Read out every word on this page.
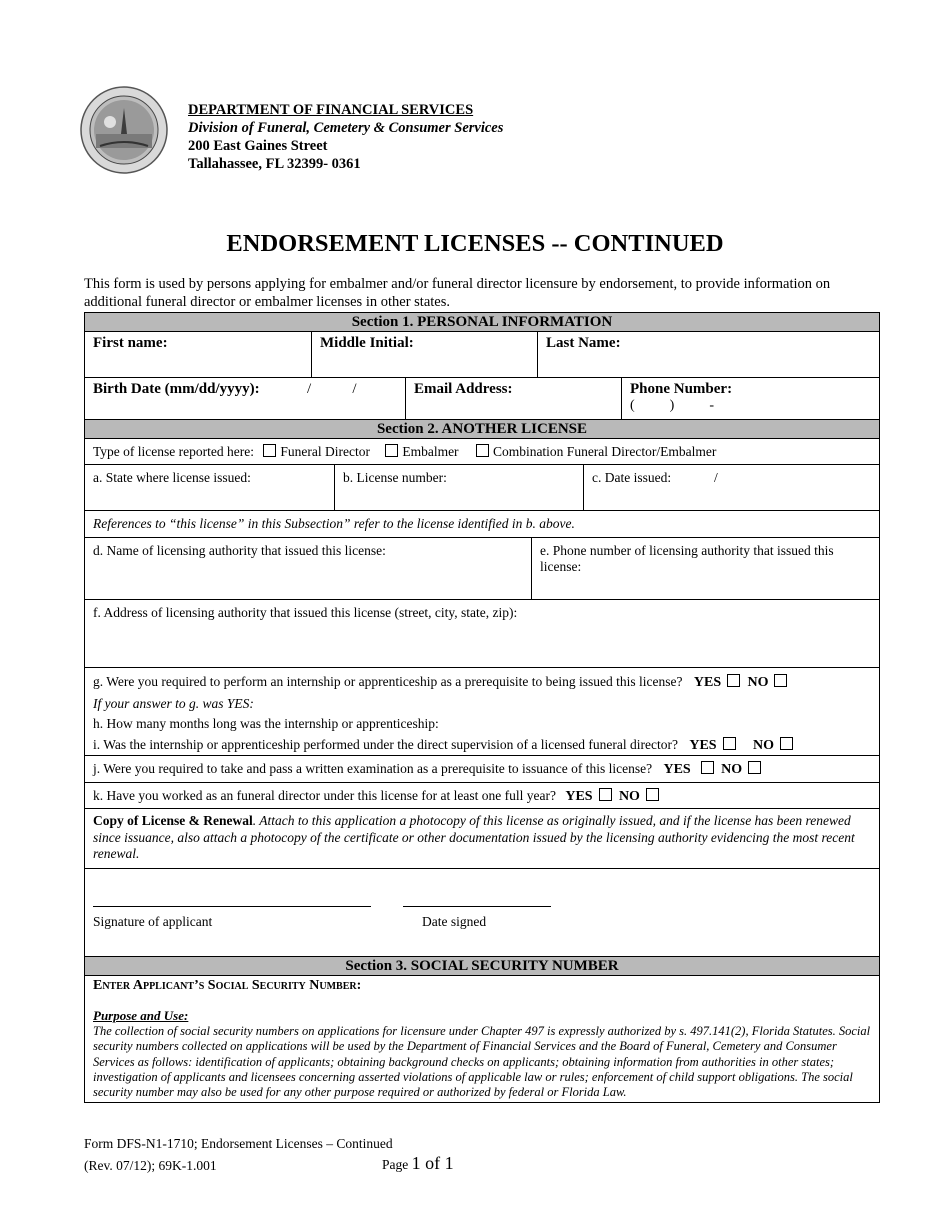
DEPARTMENT OF FINANCIAL SERVICES
Division of Funeral, Cemetery & Consumer Services
200 East Gaines Street
Tallahassee, FL 32399- 0361
ENDORSEMENT LICENSES -- CONTINUED
This form is used by persons applying for embalmer and/or funeral director licensure by endorsement, to provide information on additional funeral director or embalmer licenses in other states.
Section 1. PERSONAL INFORMATION
First name:	Middle Initial:	Last Name:
Birth Date (mm/dd/yyyy):	/           /	Email Address:	Phone Number:
(          )          -
Section 2. ANOTHER LICENSE
Type of license reported here: Funeral Director Embalmer	Combination Funeral Director/Embalmer
a. State where license issued:	b. License number:	c. Date issued:	/
References to “this license” in this Subsection” refer to the license identified in b. above.
d. Name of licensing authority that issued this license:	e. Phone number of licensing authority that issued this license:
f. Address of licensing authority that issued this license (street, city, state, zip):
g. Were you required to perform an internship or apprenticeship as a prerequisite to being issued this license? YES NO
If your answer to g. was YES:
h. How many months long was the internship or apprenticeship:
i. Was the internship or apprenticeship performed under the direct supervision of a licensed funeral director? YES	NO
j. Were you required to take and pass a written examination as a prerequisite to issuance of this license? YES NO
k. Have you worked as an funeral director under this license for at least one full year? YES NO
Copy of License & Renewal. Attach to this application a photocopy of this license as originally issued, and if the license has been renewed since issuance, also attach a photocopy of the certificate or other documentation issued by the licensing authority evidencing the most recent renewal.
Signature of applicant	Date signed
Section 3. SOCIAL SECURITY NUMBER
Enter Applicant’s Social Security Number:
Purpose and Use:
The collection of social security numbers on applications for licensure under Chapter 497 is expressly authorized by s. 497.141(2), Florida Statutes. Social security numbers collected on applications will be used by the Department of Financial Services and the Board of Funeral, Cemetery and Consumer Services as follows: identification of applicants; obtaining background checks on applicants; obtaining information from authorities in other states; investigation of applicants and licensees concerning asserted violations of applicable law or rules; enforcement of child support obligations. The social security number may also be used for any other purpose required or authorized by federal or Florida Law.
Form DFS-N1-1710; Endorsement Licenses – Continued
(Rev. 07/12); 69K-1.001	Page 1 of 1
